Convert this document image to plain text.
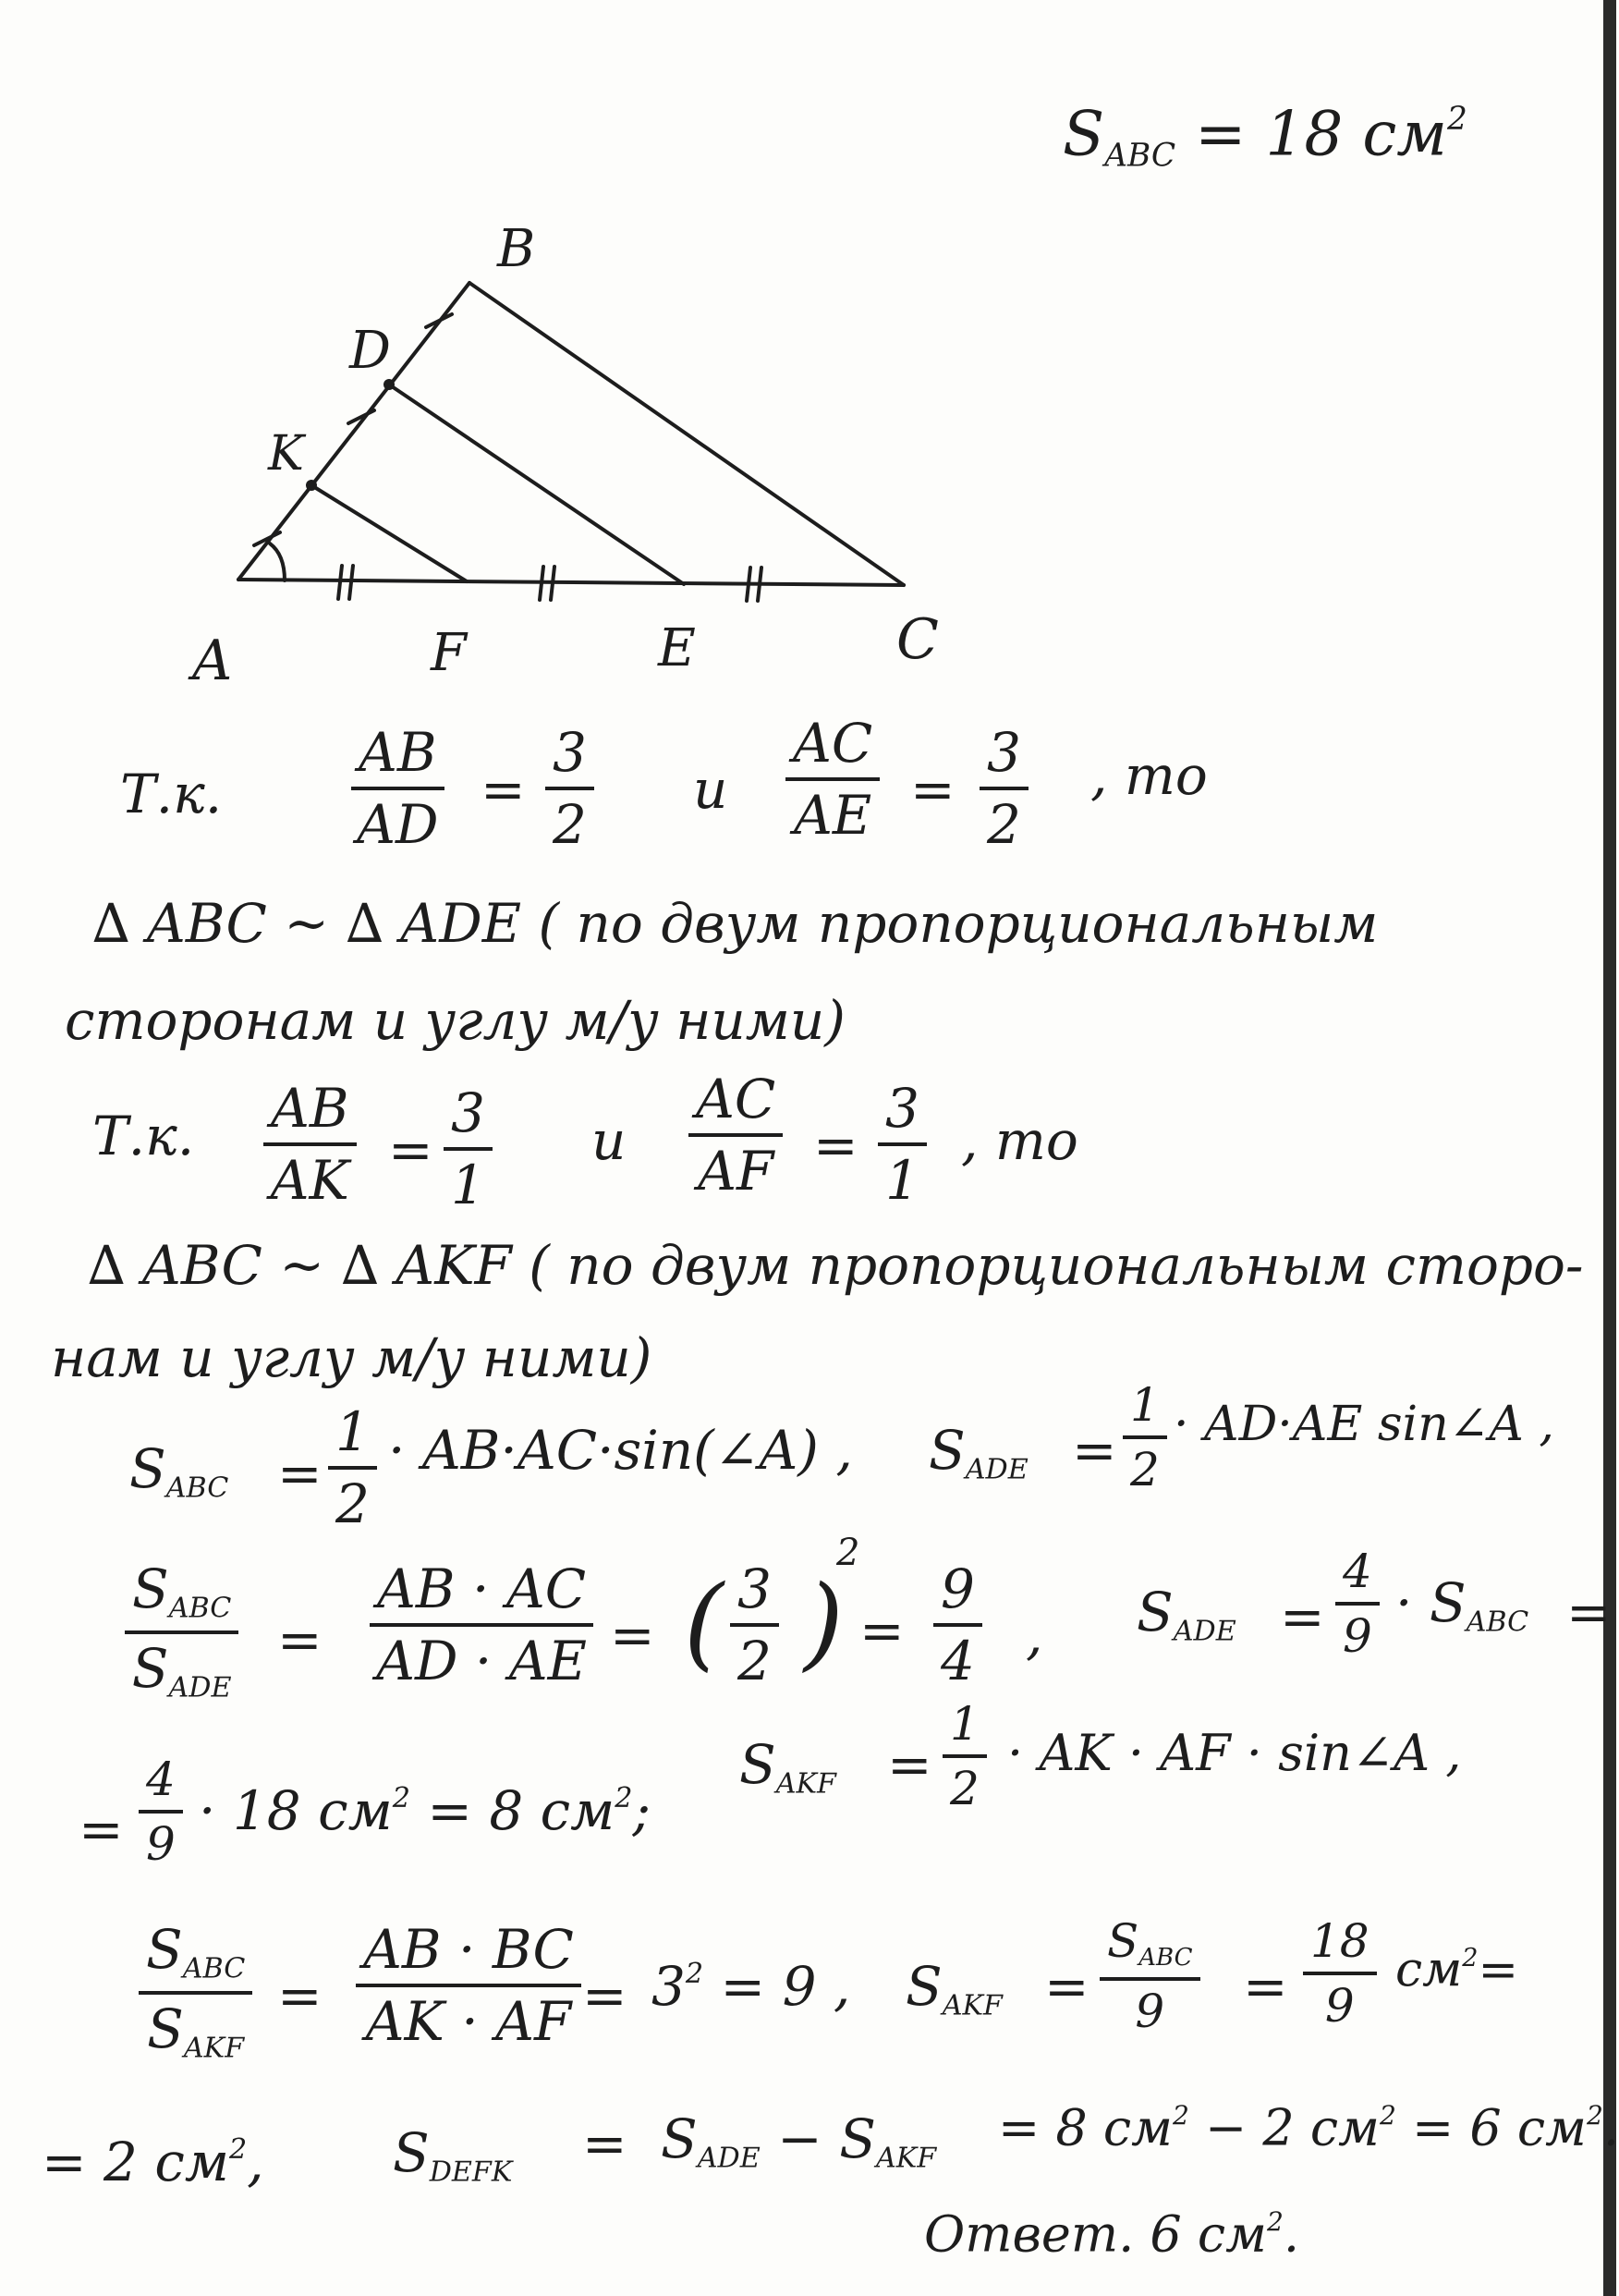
$S_{ABC} = 18$ $см^2$
B
D
K
A	F	E	C
Т.к. $\frac{AB}{AD} = \frac{3}{2}$ и $\frac{AC}{AE} = \frac{3}{2}$ , то
∆ ABC ~ ∆ ADE ( по двум пропорциональным
сторонам и углу м/у ними)
Т.к. $\frac{AB}{AK} = \frac{3}{1}$ и $\frac{AC}{AF} = \frac{3}{1}$ , то
∆ ABC ~ ∆ AKF ( по двум пропорциональным сторо-
нам и углу м/у ними)
$S_{ABC} = \frac{1}{2}$ · AB·AC·sin(∠A) , $S_{ADE} = \frac{1}{2} \cdot AD\cdot AE$ sin∠A ,
$S_{ABC}$
$S_{ADE}$
= $\frac{AB \cdot AC}{AD \cdot AE}$ = ( $\frac{3}{2}$ )
2
= $\frac{9}{4}$ , $S_{ADE} = \frac{4}{9} \cdot S_{ABC}$ =
= $\frac{4}{9} \cdot 18$ $см^2 = 8$ $см^2$;
$S_{AKF} = \frac{1}{2}$ · AK · AF · sin∠A ,
$S_{ABC}$
$S_{AKF}$
= $\frac{AB \cdot BC}{AK \cdot AF} = 3^2 = 9$ , $S_{AKF}$ =
$S_{ABC}$
$9 = \frac{18}{9} см^2=$
= 2 $см^2$, $S_{DEFK} = S_{ADE} - S_{AKF}$
= 8 $см^2 - 2$ $см^2 = 6$ $см^2$.
Ответ. 6 $см^2$.
